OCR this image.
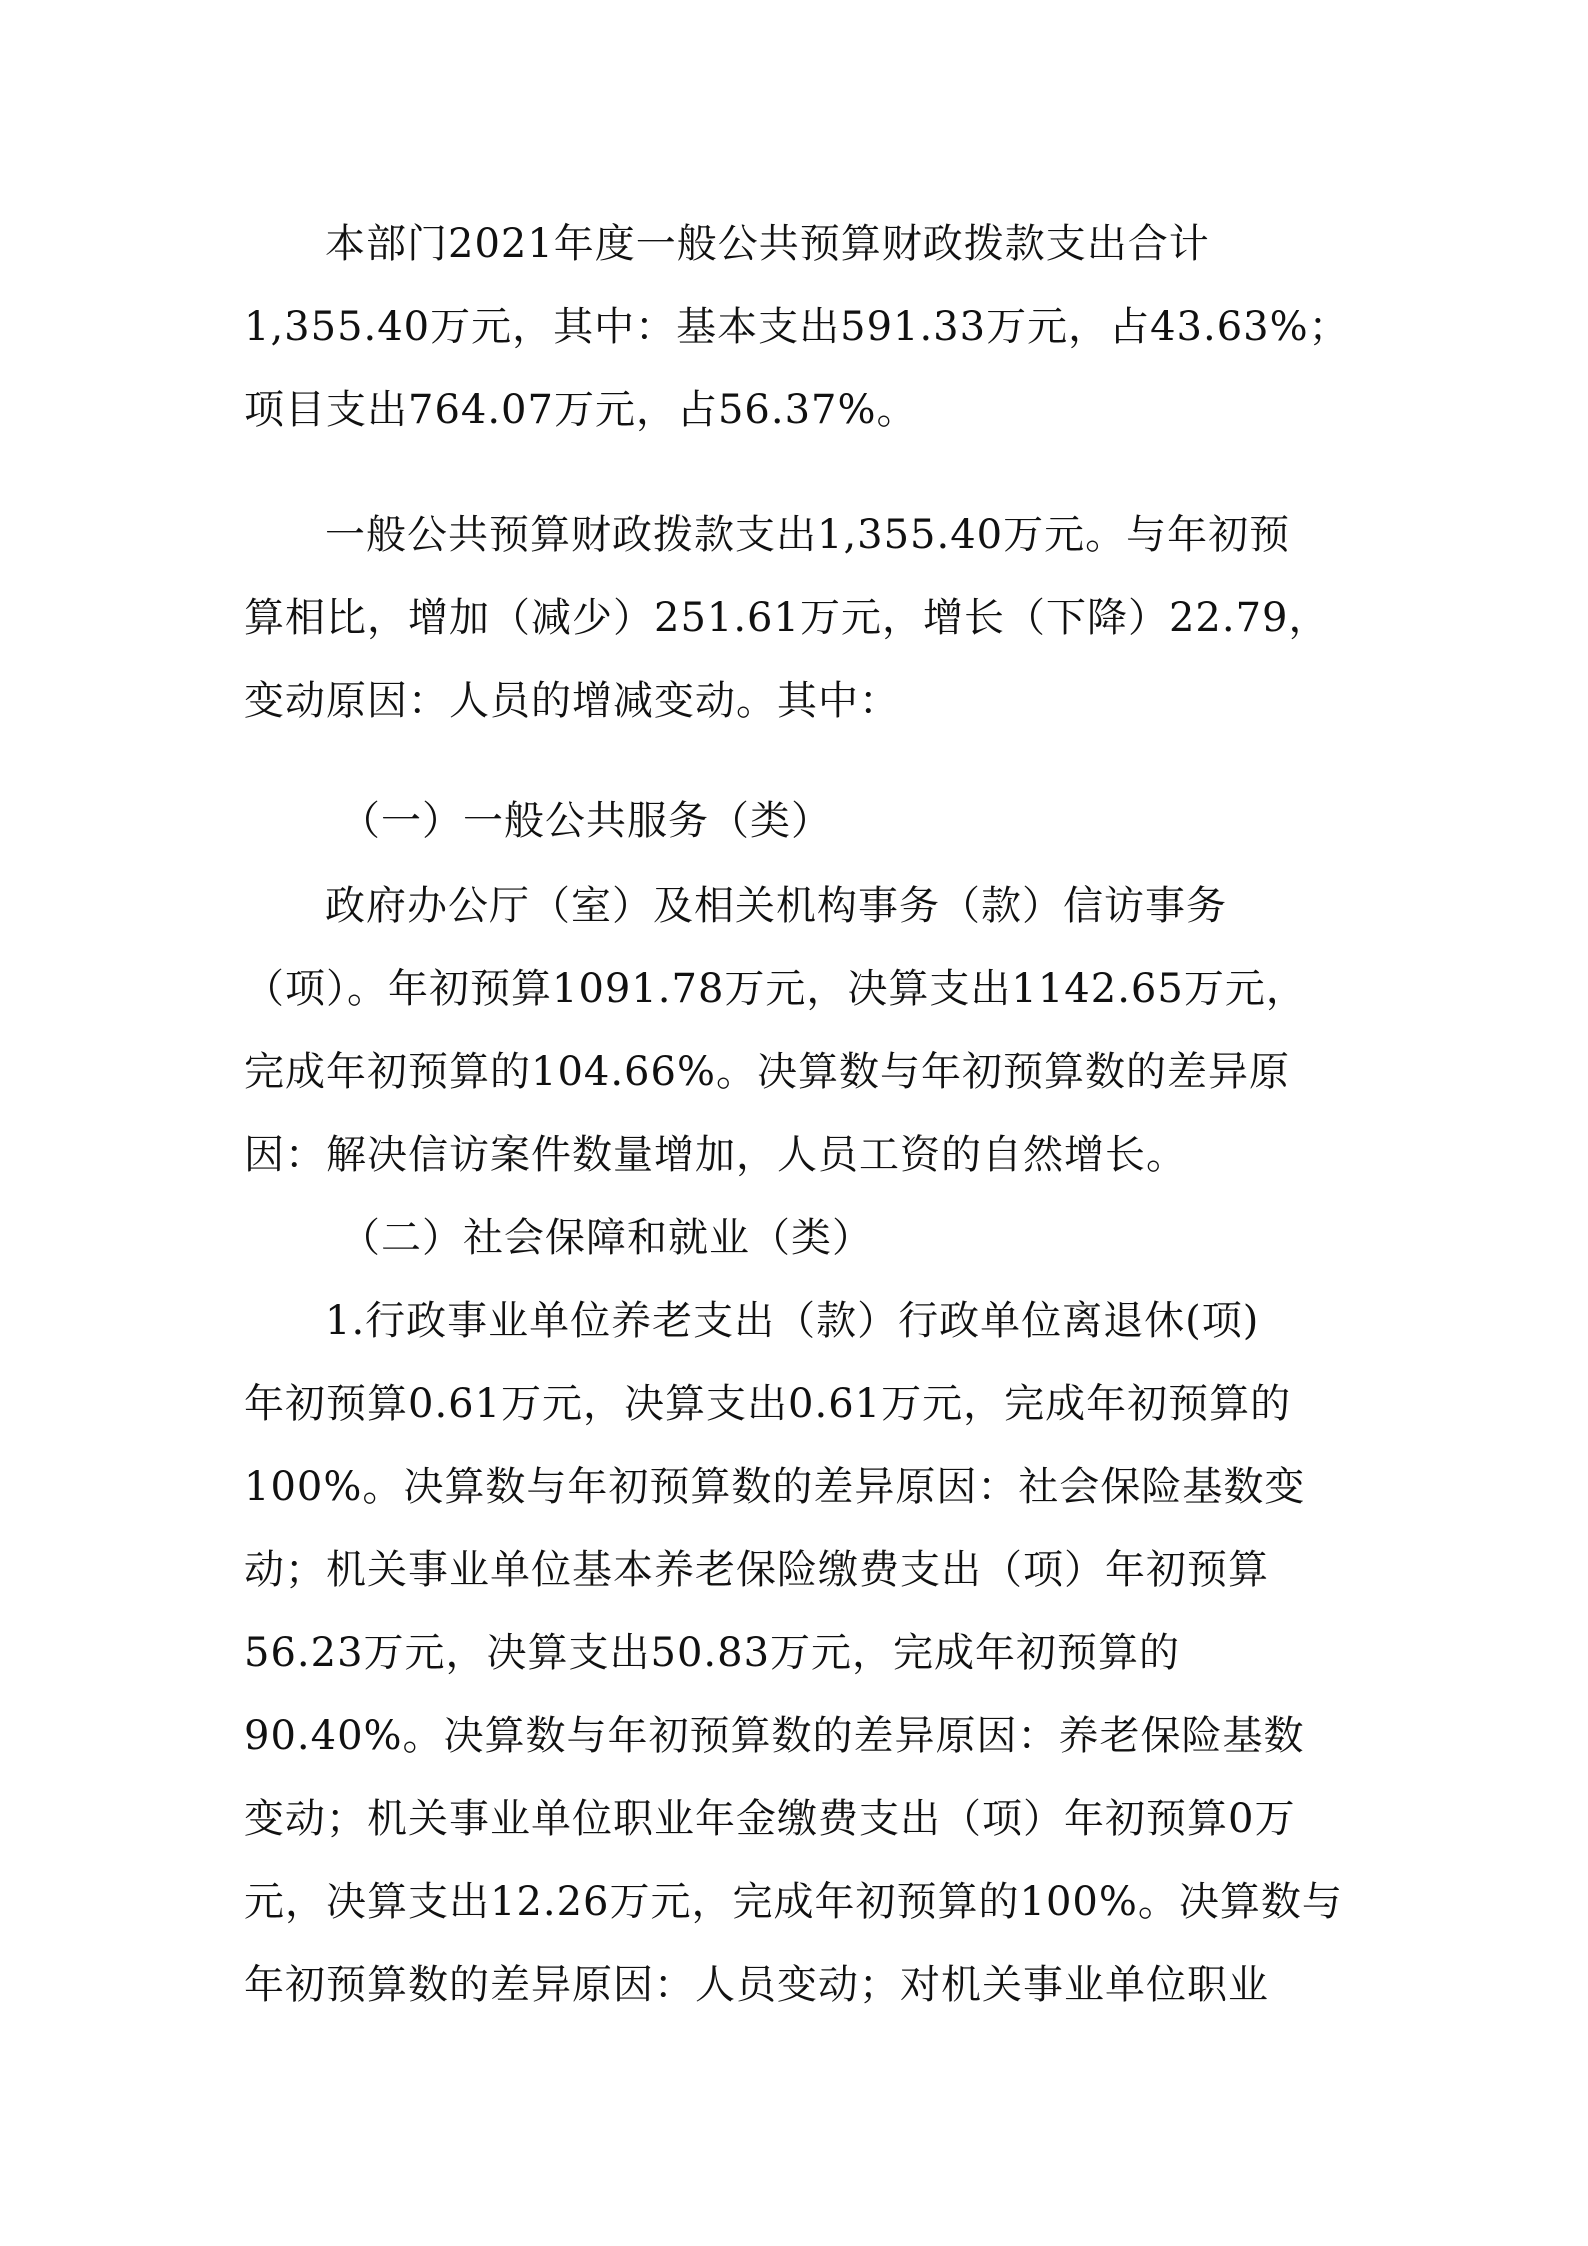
本部门2021年度一般公共预算财政拨款支出合计
1,355.40万元，其中：基本支出591.33万元，占43.63%；
项目支出764.07万元，占56.37%。
一般公共预算财政拨款支出1,355.40万元。与年初预
算相比，增加（减少）251.61万元，增长（下降）22.79，
变动原因：人员的增减变动。其中：
（一）一般公共服务（类）
政府办公厅（室）及相关机构事务（款）信访事务
（项）。年初预算1091.78万元，决算支出1142.65万元，
完成年初预算的104.66%。决算数与年初预算数的差异原
因：解决信访案件数量增加，人员工资的自然增长。
（二）社会保障和就业（类）
1.行政事业单位养老支出（款）行政单位离退休(项)
年初预算0.61万元，决算支出0.61万元，完成年初预算的
100%。决算数与年初预算数的差异原因：社会保险基数变
动；机关事业单位基本养老保险缴费支出（项）年初预算
56.23万元，决算支出50.83万元，完成年初预算的
90.40%。决算数与年初预算数的差异原因：养老保险基数
变动；机关事业单位职业年金缴费支出（项）年初预算0万
元，决算支出12.26万元，完成年初预算的100%。决算数与
年初预算数的差异原因：人员变动；对机关事业单位职业
